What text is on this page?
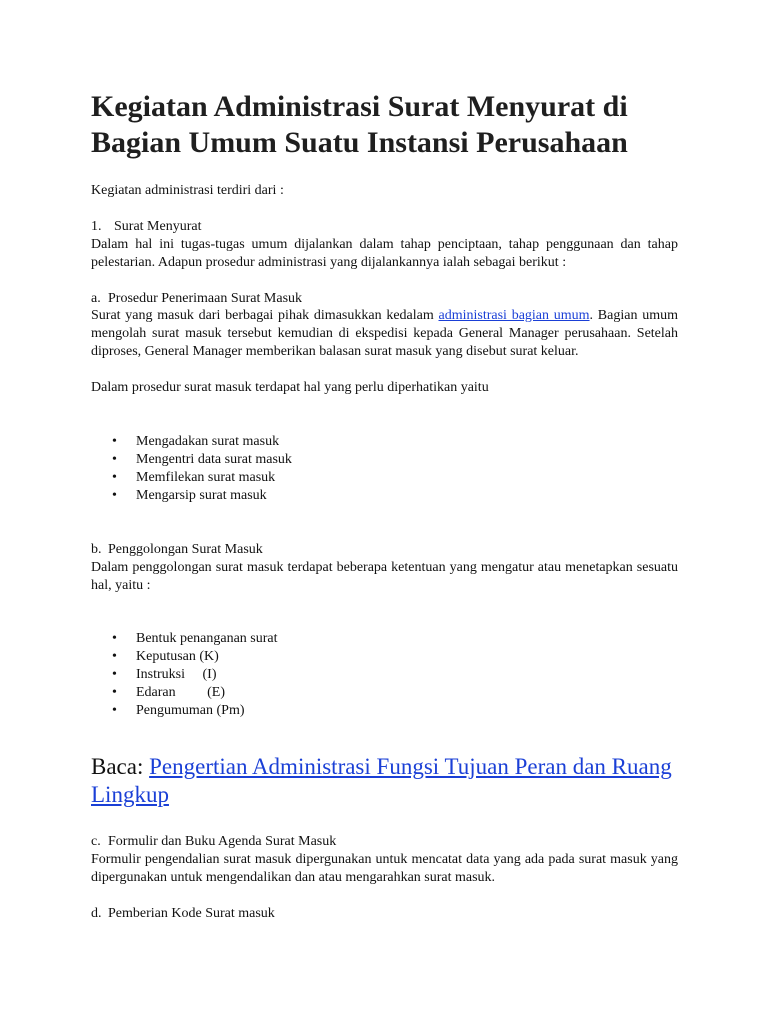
Kegiatan Administrasi Surat Menyurat di Bagian Umum Suatu Instansi Perusahaan

Kegiatan administrasi terdiri dari :

1. Surat Menyurat

Dalam hal ini tugas-tugas umum dijalankan dalam tahap penciptaan, tahap penggunaan dan tahap pelestarian. Adapun prosedur administrasi yang dijalankannya ialah sebagai berikut :

a. Prosedur Penerimaan Surat Masuk

Surat yang masuk dari berbagai pihak dimasukkan kedalam administrasi bagian umum. Bagian umum mengolah surat masuk tersebut kemudian di ekspedisi kepada General Manager perusahaan. Setelah diproses, General Manager memberikan balasan surat masuk yang disebut surat keluar.

Dalam prosedur surat masuk terdapat hal yang perlu diperhatikan yaitu

• Mengadakan surat masuk
• Mengentri data surat masuk
• Memfilekan surat masuk
• Mengarsip surat masuk

b. Penggolongan Surat Masuk

Dalam penggolongan surat masuk terdapat beberapa ketentuan yang mengatur atau menetapkan sesuatu hal, yaitu :

• Bentuk penanganan surat
• Keputusan (K)
• Instruksi     (I)
• Edaran         (E)
• Pengumuman (Pm)

Baca: Pengertian Administrasi Fungsi Tujuan Peran dan Ruang Lingkup

c. Formulir dan Buku Agenda Surat Masuk

Formulir pengendalian surat masuk dipergunakan untuk mencatat data yang ada pada surat masuk yang dipergunakan untuk mengendalikan dan atau mengarahkan surat masuk.

d. Pemberian Kode Surat masuk
